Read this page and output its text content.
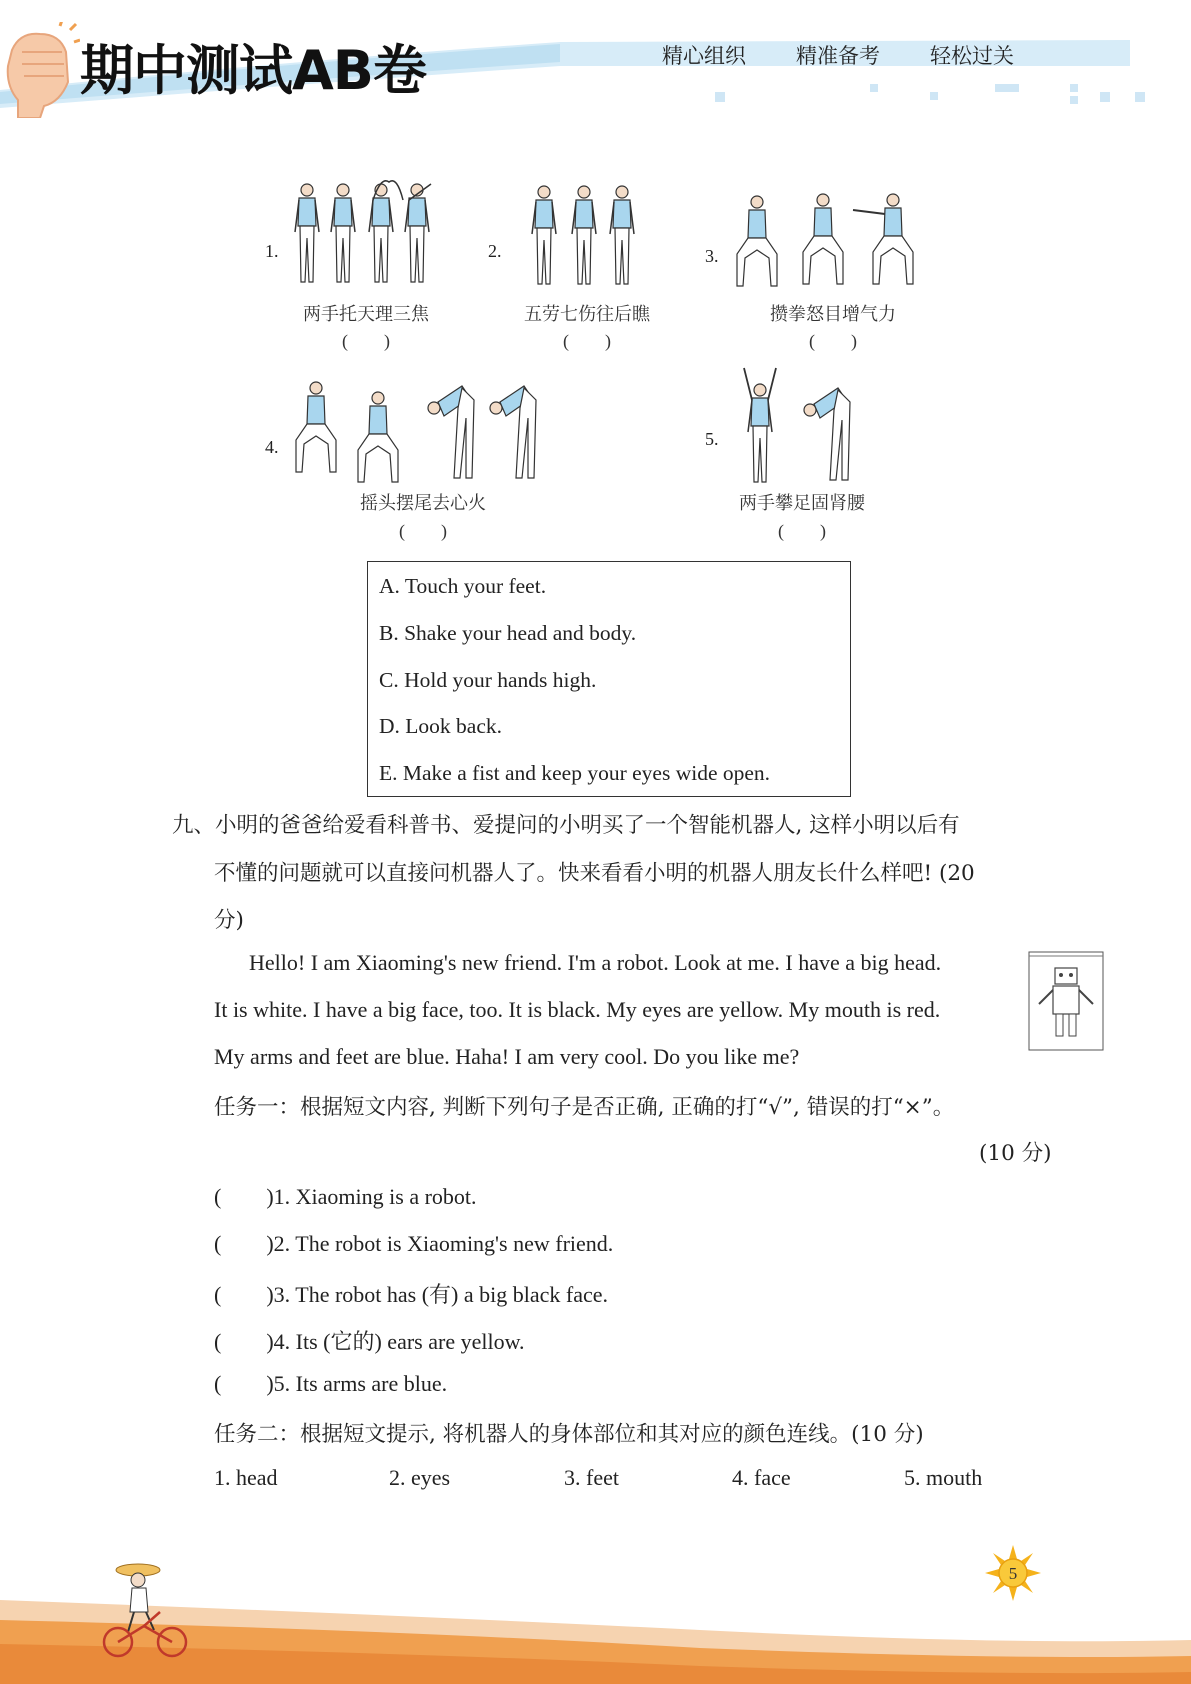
期中测试AB卷	精心组织   精准备考   轻松过关
1.
两手托天理三焦
(　　)
2.
五劳七伤往后瞧
(　　)
3.
攒拳怒目增气力
(　　)
4.
摇头摆尾去心火
(　　)
5.
两手攀足固肾腰
(　　)
A. Touch your feet.
B. Shake your head and body.
C. Hold your hands high.
D. Look back.
E. Make a fist and keep your eyes wide open.
九、小明的爸爸给爱看科普书、爱提问的小明买了一个智能机器人, 这样小明以后有
不懂的问题就可以直接问机器人了。快来看看小明的机器人朋友长什么样吧! (20
分)
Hello! I am Xiaoming's new friend. I'm a robot. Look at me. I have a big head.
It is white. I have a big face, too. It is black. My eyes are yellow. My mouth is red.
My arms and feet are blue. Haha! I am very cool. Do you like me?
任务一：根据短文内容, 判断下列句子是否正确, 正确的打“√”, 错误的打“×”。
(10 分)
( )1. Xiaoming is a robot.
( )2. The robot is Xiaoming's new friend.
( )3. The robot has (有) a big black face.
( )4. Its (它的) ears are yellow.
( )5. Its arms are blue.
任务二：根据短文提示, 将机器人的身体部位和其对应的颜色连线。(10 分)
1. head	2. eyes	3. feet	4. face	5. mouth
5
